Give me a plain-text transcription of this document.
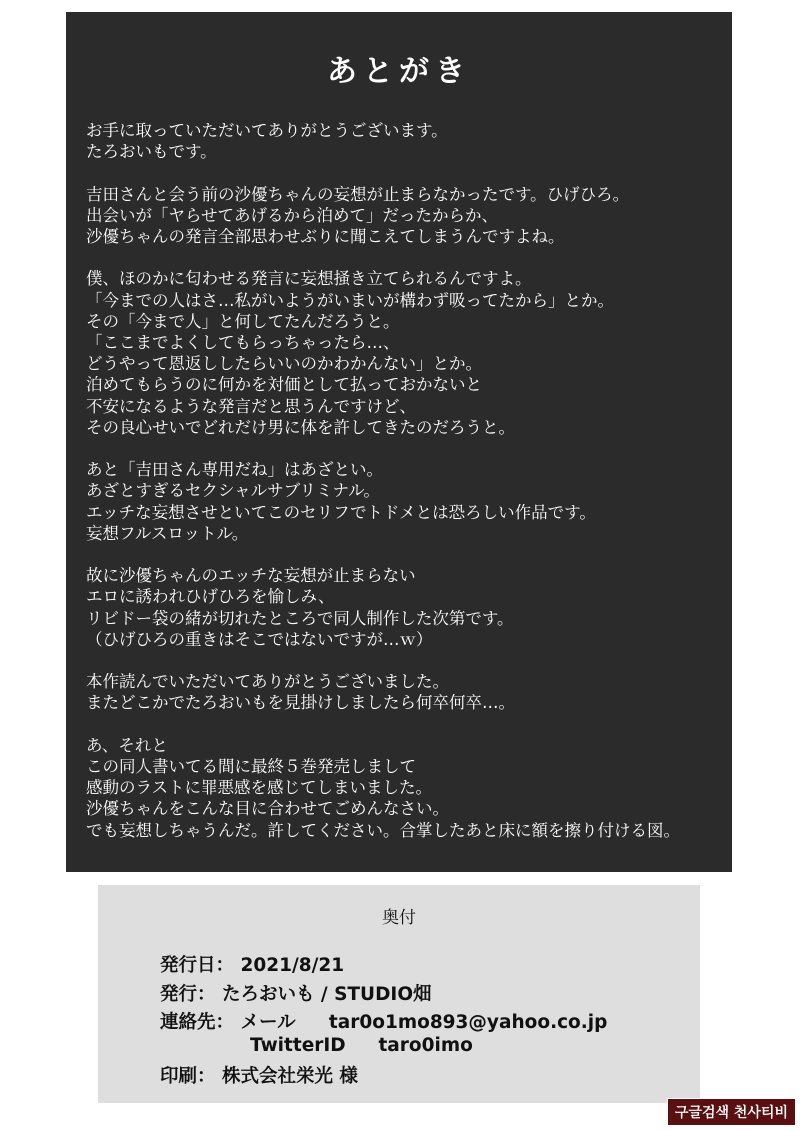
あとがき
お手に取っていただいてありがとうございます。
たろおいもです。
吉田さんと会う前の沙優ちゃんの妄想が止まらなかったです。ひげひろ。
出会いが「ヤらせてあげるから泊めて」だったからか、
沙優ちゃんの発言全部思わせぶりに聞こえてしまうんですよね。
僕、ほのかに匂わせる発言に妄想掻き立てられるんですよ。
「今までの人はさ…私がいようがいまいが構わず吸ってたから」とか。
その「今まで人」と何してたんだろうと。
「ここまでよくしてもらっちゃったら…、
どうやって恩返ししたらいいのかわかんない」とか。
泊めてもらうのに何かを対価として払っておかないと
不安になるような発言だと思うんですけど、
その良心せいでどれだけ男に体を許してきたのだろうと。
あと「吉田さん専用だね」はあざとい。
あざとすぎるセクシャルサブリミナル。
エッチな妄想させといてこのセリフでトドメとは恐ろしい作品です。
妄想フルスロットル。
故に沙優ちゃんのエッチな妄想が止まらない
エロに誘われひげひろを愉しみ、
リビドー袋の緒が切れたところで同人制作した次第です。
（ひげひろの重きはそこではないですが…ｗ）
本作読んでいただいてありがとうございました。
またどこかでたろおいもを見掛けしましたら何卒何卒…。
あ、それと
この同人書いてる間に最終５巻発売しまして
感動のラストに罪悪感を感じてしまいました。
沙優ちゃんをこんな目に合わせてごめんなさい。
でも妄想しちゃうんだ。許してください。合掌したあと床に額を擦り付ける図。
奥付
発行日： 2021/8/21
発行： たろおいも / STUDIO畑
連絡先： メール tar0o1mo893@yahoo.co.jp
TwitterID taro0imo
印刷： 株式会社栄光 様
구글검색 천사티비
